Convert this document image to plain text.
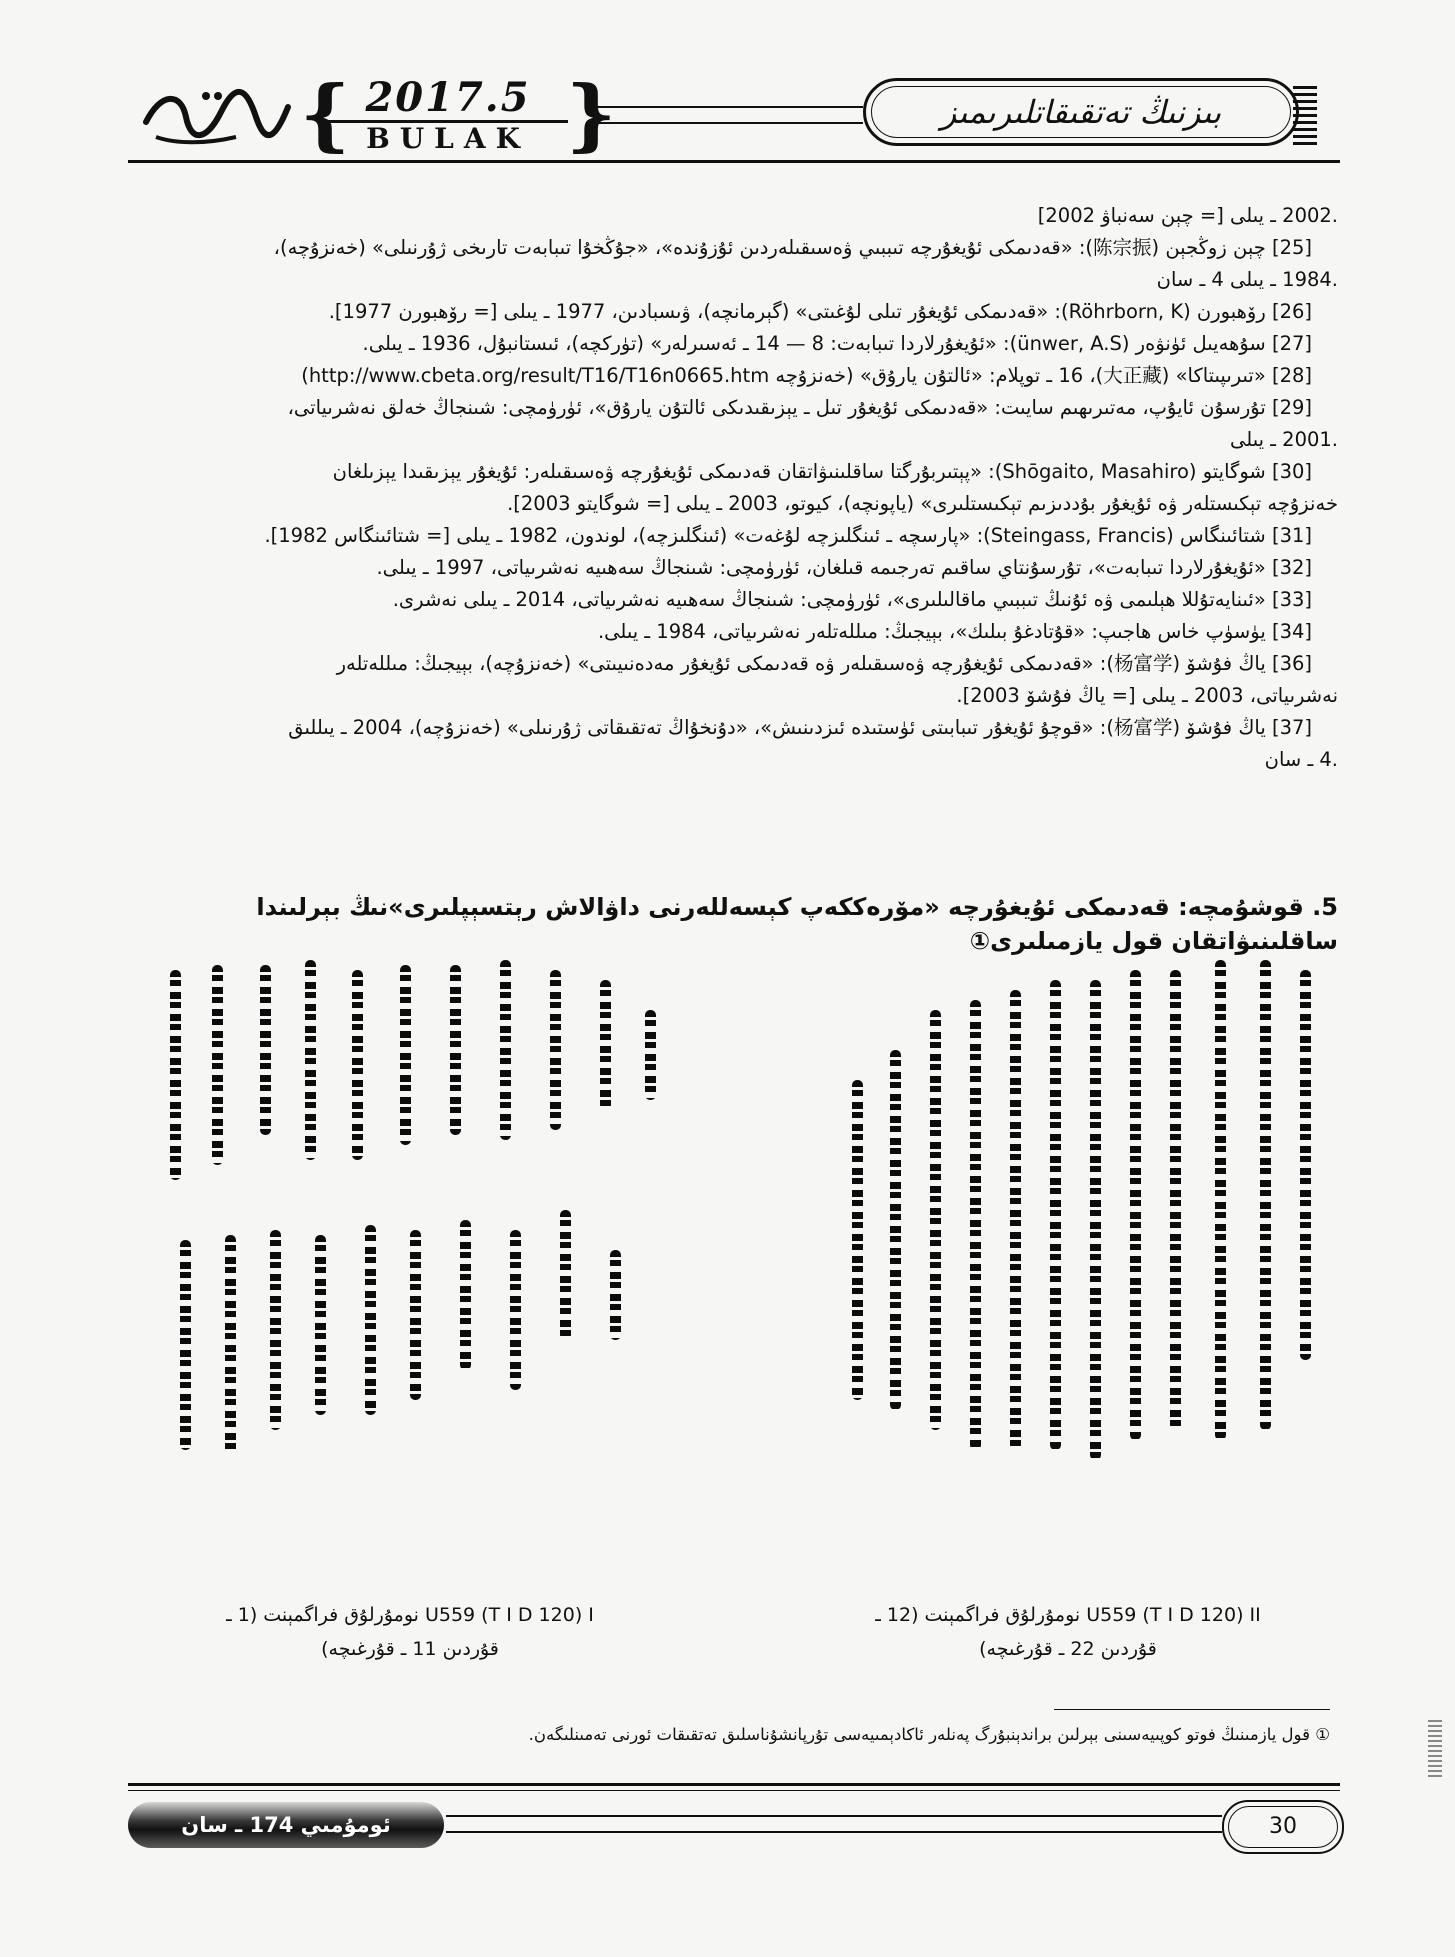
{ 2017.5
BULAK }	بىزنىڭ تەتقىقاتلىرىمىز

.2002 ـ يىلى [= چېن سەنباۋ 2002]

[25] چېن زوڭجېن (陈宗振): «قەدىمكى ئۇيغۇرچە تىببىي ۋەسىقىلەردىن ئۇزۇندە»، «جۇڭخۇا تىبابەت تارىخى ژۇرنىلى» (خەنزۇچە)،

.1984 ـ يىلى 4 ـ سان

[26] رۆھبورن (Röhrborn, K): «قەدىمكى ئۇيغۇر تىلى لۇغىتى» (گېرمانچە)، ۋىسبادىن، 1977 ـ يىلى [= رۆھبورن 1977].

[27] سۇھەيىل ئۈنۋەر (ünwer, A.S): «ئۇيغۇرلاردا تىبابەت: 8 — 14 ـ ئەسىرلەر» (تۈركچە)، ئىستانبۇل، 1936 ـ يىلى.

[28] «تىرىپىتاكا» (大正藏)، 16 ـ توپلام: «ئالتۇن يارۇق» (خەنزۇچە http://www.cbeta.org/result/T16/T16n0665.htm)

[29] تۇرسۇن ئايۇپ، مەتىرىھىم سايىت: «قەدىمكى ئۇيغۇر تىل ـ يېزىقىدىكى ئالتۇن يارۇق»، ئۈرۈمچى: شىنجاڭ خەلق نەشرىياتى،

.2001 ـ يىلى

[30] شوگايتو (Shōgaito, Masahiro): «پېتىربۇرگتا ساقلىنىۋاتقان قەدىمكى ئۇيغۇرچە ۋەسىقىلەر: ئۇيغۇر يېزىقىدا يېزىلغان

خەنزۇچە تېكىستلەر ۋە ئۇيغۇر بۇددىزىم تېكىستلىرى» (ياپونچە)، كيوتو، 2003 ـ يىلى [= شوگايتو 2003].

[31] شتائىنگاس (Steingass, Francis): «پارسچە ـ ئىنگلىزچە لۇغەت» (ئىنگلىزچە)، لوندون، 1982 ـ يىلى [= شتائىنگاس 1982].

[32] «ئۇيغۇرلاردا تىبابەت»، تۇرسۇنتاي ساقىم تەرجىمە قىلغان، ئۈرۈمچى: شىنجاڭ سەھىيە نەشرىياتى، 1997 ـ يىلى.

[33] «ئىنايەتۇللا ھېلىمى ۋە ئۇنىڭ تىببىي ماقالىلىرى»، ئۈرۈمچى: شىنجاڭ سەھىيە نەشرىياتى، 2014 ـ يىلى نەشرى.

[34] يۈسۈپ خاس ھاجىپ: «قۇتادغۇ بىلىك»، بېيجىڭ: مىللەتلەر نەشرىياتى، 1984 ـ يىلى.

[36] ياڭ فۇشۆ (杨富学): «قەدىمكى ئۇيغۇرچە ۋەسىقىلەر ۋە قەدىمكى ئۇيغۇر مەدەنىيىتى» (خەنزۇچە)، بېيجىڭ: مىللەتلەر

نەشرىياتى، 2003 ـ يىلى [= ياڭ فۇشۆ 2003].

[37] ياڭ فۇشۆ (杨富学): «قوچۇ ئۇيغۇر تىبابىتى ئۈستىدە ئىزدىنىش»، «دۇنخۇاڭ تەتقىقاتى ژۇرنىلى» (خەنزۇچە)، 2004 ـ يىللىق

.4 ـ سان

5. قوشۇمچە: قەدىمكى ئۇيغۇرچە «مۆرەككەپ كېسەللەرنى داۋالاش رېتسېپلىرى»نىڭ بېرلىندا ساقلىنىۋاتقان قول يازمىلىرى①
U559 (T I D 120) I نومۇرلۇق فراگمېنت (1 ـ
قۇردىن 11 ـ قۇرغىچە)
U559 (T I D 120) II نومۇرلۇق فراگمېنت (12 ـ
قۇردىن 22 ـ قۇرغىچە)
① قول يازمىنىڭ فوتو كوپىيەسىنى بېرلىن براندېنبۇرگ پەنلەر ئاكادېمىيەسى تۇرپانشۇناسلىق تەتقىقات ئورنى تەمىنلىگەن.
ئومۇمىي 174 ـ سان	30
